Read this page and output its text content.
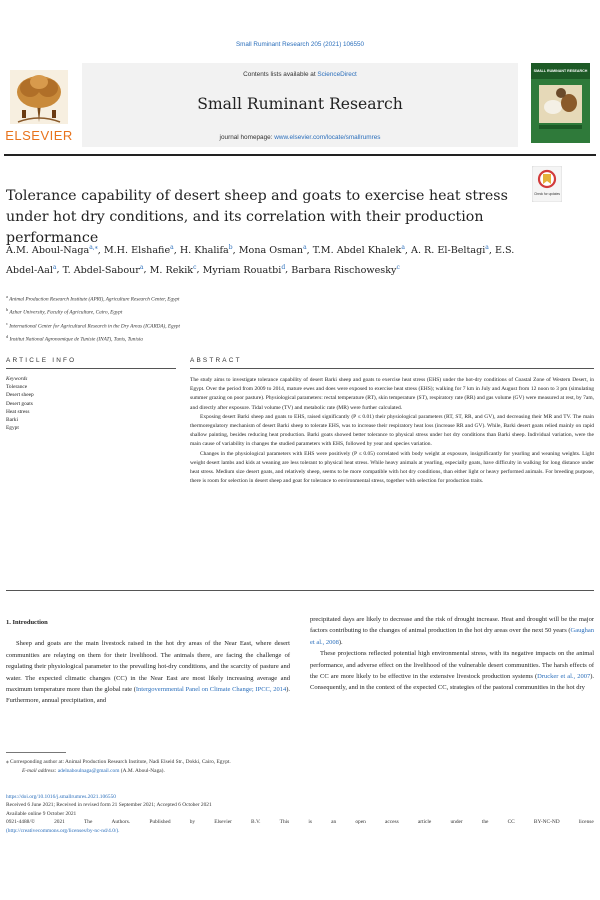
Small Ruminant Research 205 (2021) 106550
ELSEVIER
Contents lists available at ScienceDirect
Small Ruminant Research
journal homepage: www.elsevier.com/locate/smallrumres
SMALL RUMINANT RESEARCH
Tolerance capability of desert sheep and goats to exercise heat stress under hot dry conditions, and its correlation with their production performance
Check for updates
A.M. Aboul-Naga$^{a,⁎}$, M.H. Elshafie$^a$, H. Khalifa$^b$, Mona Osman$^a$, T.M. Abdel Khalek$^a$, A. R. El-Beltagi$^a$, E.S. Abdel-Aal$^a$, T. Abdel-Sabour$^a$, M. Rekik$^c$, Myriam Rouatbi$^d$, Barbara Rischowesky$^c$
$^a$ Animal Production Research Institute (APRI), Agriculture Research Center, Egypt
$^b$ Azhar University, Faculty of Agriculture, Cairo, Egypt
$^c$ International Center for Agricultural Research in the Dry Areas (ICARDA), Egypt
$^d$ Institut National Agronomique de Tunisie (INAT), Tunis, Tunisia
ARTICLE INFO	ABSTRACT
Keywords
Tolerance
Desert sheep
Desert goats
Heat stress
Barki
Egypt

The study aims to investigate tolerance capability of desert Barki sheep and goats to exercise heat stress (EHS) under the hot-dry conditions of Coastal Zone of Western Desert, in Egypt. Over the period from 2009 to 2014, mature ewes and does were exposed to exercise heat stress (EHS); walking for 7 km in July and August from 12 noon to 3 pm (simulating summer grazing on poor pasture). Physiological parameters: rectal temperature (RT), skin temperature (ST), respiratory rate (RR) and gas volume (GV) were measured at rest, by 7am, and directly after exposure. Tidal volume (TV) and metabolic rate (MR) were further calculated.

Exposing desert Barki sheep and goats to EHS, raised significantly (P ≤ 0.01) their physiological parameters (RT, ST, RR, and GV), and decreasing their MR and TV. The main thermoregulatory mechanism of desert Barki sheep to tolerate EHS, was to increase their respiratory heat loss (increase RR and GV). While, Barki desert goats relied mainly on rapid shallow painting, besides reducing heat production. Barki goats showed better tolerance to physical stress under hot dry conditions than Barki sheep. Individual variation, were the main cause of variability in changes the studied parameters with EHS, followed by year and species variation.

Changes in the physiological parameters with EHS were positively (P ≤ 0.05) correlated with body weight at exposure, insignificantly for yearling and weaning weights. Light weight desert lambs and kids at weaning are less tolerant to physical heat stress. While heavy animals at yearling, especially goats, have difficulty in walking for long distance under heat stress. Medium size desert goats, and relatively sheep, seems to be more compatible with hot dry conditions, than either light or heavy performed animals. For breeding purpose, there is room for selection in desert sheep and goat for tolerance to environmental stress, together with selection for production traits.

1. Introduction

Sheep and goats are the main livestock raised in the hot dry areas of the Near East, where desert communities are relaying on them for their livelihood. The animals there, are facing the challenge of regulating their physiological parameter to the prevailing hot-dry conditions, and the scarcity of pasture and water. The expected climatic changes (CC) in the Near East are most likely increasing average and maximum temperature more than the global rate (Intergovernmental Panel on Climate Change; IPCC, 2014). Furthermore, annual precipitation, and

precipitated days are likely to decrease and the risk of drought increase. Heat and drought will be the major factors contributing to the changes of animal production in the hot dry areas over the next 50 years (Gaughan et al., 2008).

These projections reflected potential high environmental stress, with its negative impacts on the animal performance, and adverse effect on the livelihood of the vulnerable desert communities. The harsh effects of the CC are more likely to be effective in the extensive livestock production systems (Drucker et al., 2007). Consequently, and in the context of the expected CC, strategies of the pastoral communities in the hot dry

⁎ Corresponding author at: Animal Production Research Institute, Nadi Elseid Str., Dokki, Cairo, Egypt.
E-mail address: adelnaboulnaga@gmail.com (A.M. Aboul-Naga).
https://doi.org/10.1016/j.smallrumres.2021.106550
Received 6 June 2021; Received in revised form 21 September 2021; Accepted 6 October 2021
Available online 9 October 2021
0921-4488/©	2021	The	Authors.	Published	by	Elsevier	B.V.	This	is	an	open	access	article	under	the	CC	BY-NC-ND	license
(http://creativecommons.org/licenses/by-nc-nd/4.0/).
